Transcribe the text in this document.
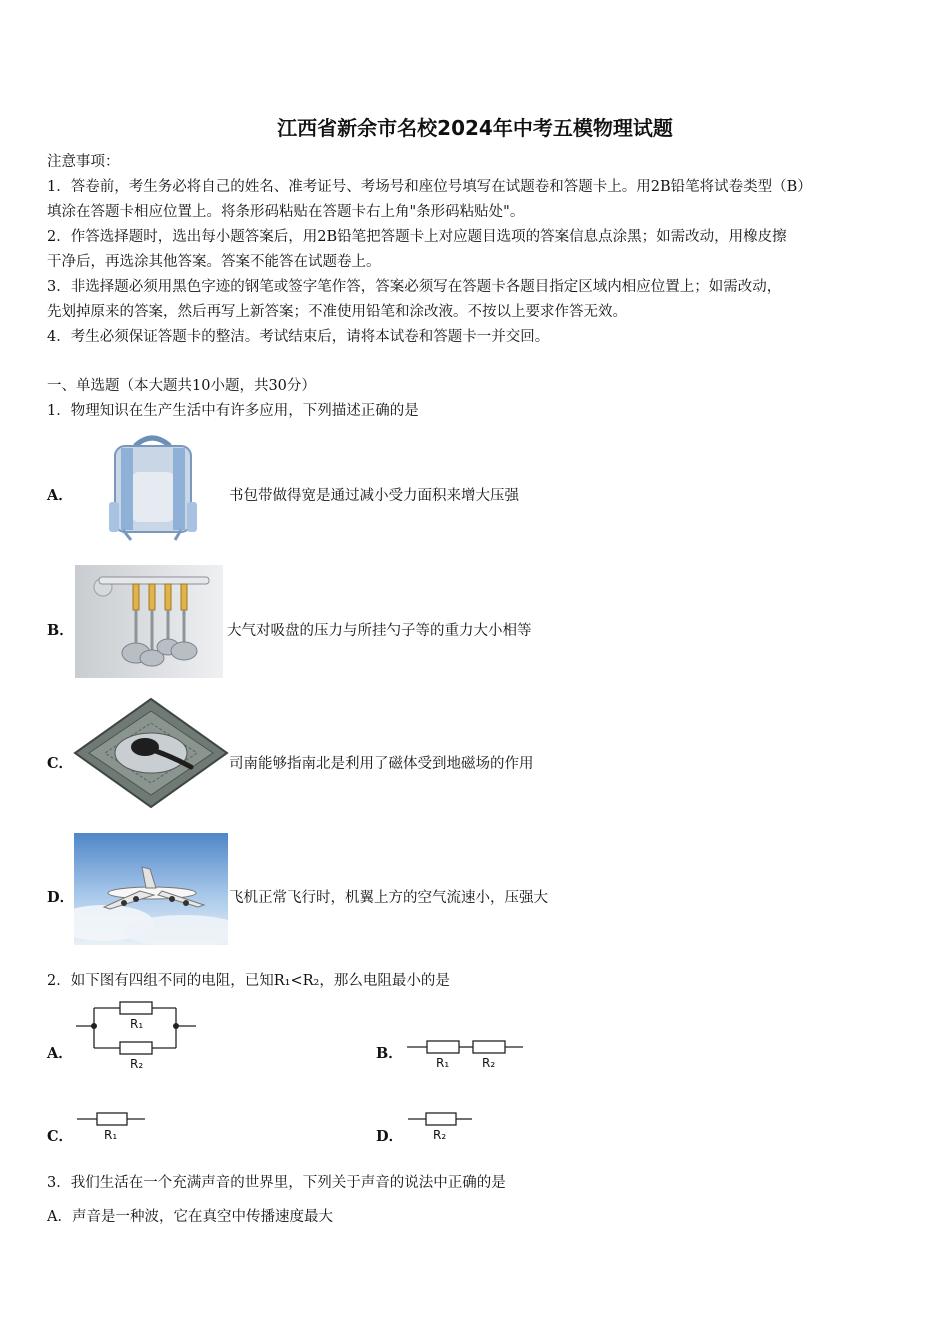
江西省新余市名校2024年中考五模物理试题
注意事项：
1．答卷前，考生务必将自己的姓名、准考证号、考场号和座位号填写在试题卷和答题卡上。用2B铅笔将试卷类型（B）
填涂在答题卡相应位置上。将条形码粘贴在答题卡右上角"条形码粘贴处"。
2．作答选择题时，选出每小题答案后，用2B铅笔把答题卡上对应题目选项的答案信息点涂黑；如需改动，用橡皮擦
干净后，再选涂其他答案。答案不能答在试题卷上。
3．非选择题必须用黑色字迹的钢笔或签字笔作答，答案必须写在答题卡各题目指定区域内相应位置上；如需改动，
先划掉原来的答案，然后再写上新答案；不准使用铅笔和涂改液。不按以上要求作答无效。
4．考生必须保证答题卡的整洁。考试结束后，请将本试卷和答题卡一并交回。
一、单选题（本大题共10小题，共30分）
1．物理知识在生产生活中有许多应用，下列描述正确的是
A．	书包带做得宽是通过减小受力面积来增大压强
B．	大气对吸盘的压力与所挂勺子等的重力大小相等
C．	司南能够指南北是利用了磁体受到地磁场的作用
D．	飞机正常飞行时，机翼上方的空气流速小，压强大
2．如下图有四组不同的电阻，已知R₁<R₂，那么电阻最小的是
A．
R₁
R₂
B．
R₁	R₂
C．	R₁	D． R₂
3．我们生活在一个充满声音的世界里，下列关于声音的说法中正确的是
A．声音是一种波，它在真空中传播速度最大
